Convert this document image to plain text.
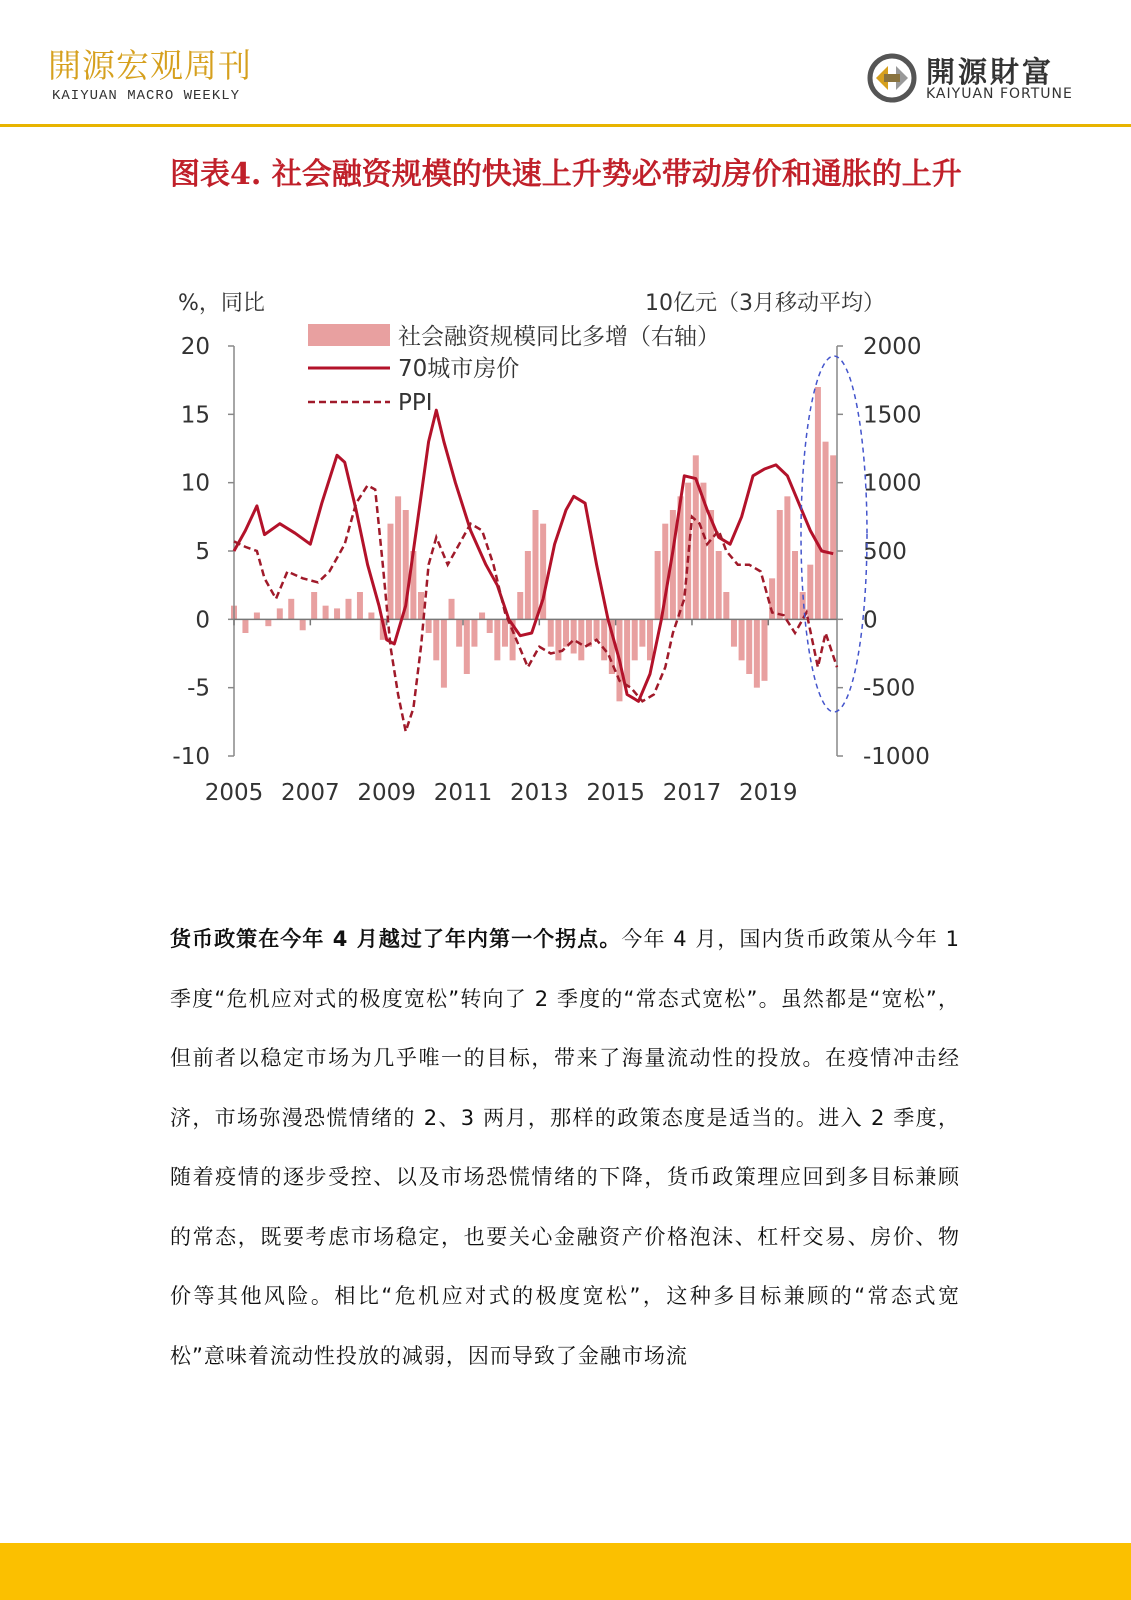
開源宏观周刊
KAIYUAN MACRO WEEKLY
開源財富
KAIYUAN FORTUNE
图表4. 社会融资规模的快速上升势必带动房价和通胀的上升
20
15
10
5
0
-5
-10
2000
1500
1000
500
0
-500
-1000
2005 2007 2009 2011 2013 2015 2017 2019
%，同比	10亿元（3月移动平均）
社会融资规模同比多增（右轴）
70城市房价
PPI
货币政策在今年 4 月越过了年内第一个拐点。今年 4 月，国内货币政策从今年 1 季度“危机应对式的极度宽松”转向了 2 季度的“常态式宽松”。虽然都是“宽松”，但前者以稳定市场为几乎唯一的目标，带来了海量流动性的投放。在疫情冲击经济，市场弥漫恐慌情绪的 2、3 两月，那样的政策态度是适当的。进入 2 季度，随着疫情的逐步受控、以及市场恐慌情绪的下降，货币政策理应回到多目标兼顾的常态，既要考虑市场稳定，也要关心金融资产价格泡沫、杠杆交易、房价、物价等其他风险。相比“危机应对式的极度宽松”，这种多目标兼顾的“常态式宽松”意味着流动性投放的减弱，因而导致了金融市场流
